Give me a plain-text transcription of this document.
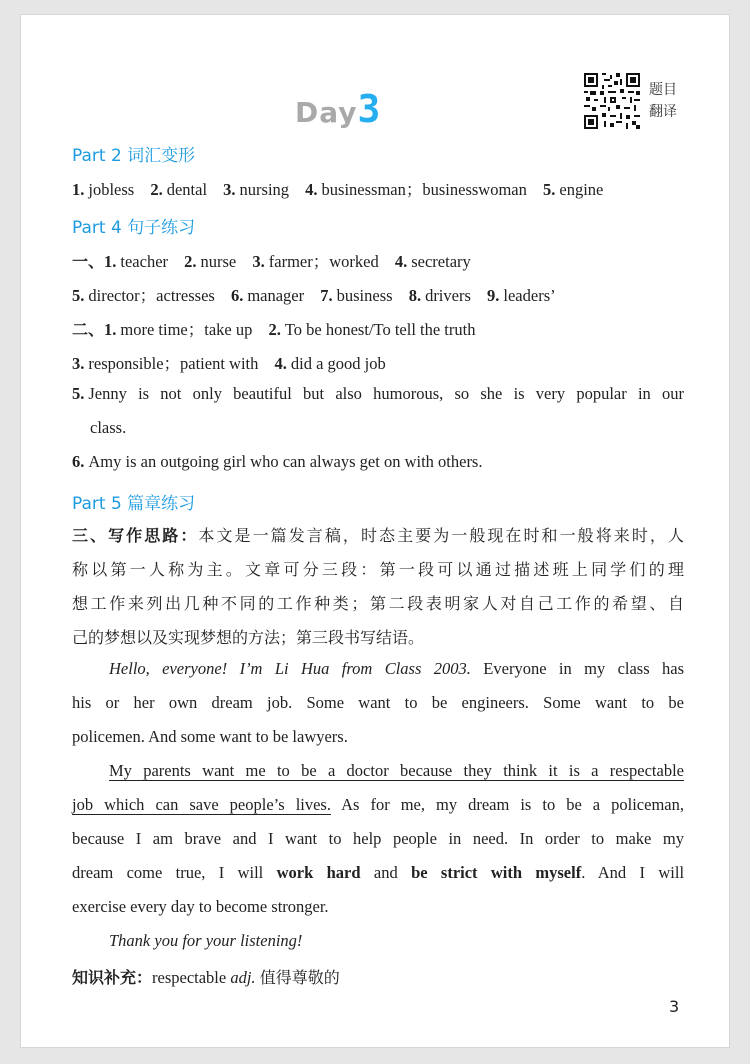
Day3	题目
翻译
Part 2 词汇变形
1. jobless 2. dental 3. nursing 4. businessman；businesswoman 5. engine
Part 4 句子练习
一、1. teacher 2. nurse 3. farmer；worked 4. secretary
5. director；actresses 6. manager 7. business 8. drivers 9. leaders’
二、1. more time；take up 2. To be honest/To tell the truth
3. responsible；patient with 4. did a good job
5. Jenny is not only beautiful but also humorous, so she is very popular in our
class.
6. Amy is an outgoing girl who can always get on with others.
Part 5 篇章练习
三、写作思路：本文是一篇发言稿，时态主要为一般现在时和一般将来时，人
称以第一人称为主。文章可分三段：第一段可以通过描述班上同学们的理
想工作来列出几种不同的工作种类；第二段表明家人对自己工作的希望、自
己的梦想以及实现梦想的方法；第三段书写结语。
Hello, everyone! I’m Li Hua from Class 2003. Everyone in my class has
his or her own dream job. Some want to be engineers. Some want to be
policemen. And some want to be lawyers.
My parents want me to be a doctor because they think it is a respectable
job which can save people’s lives. As for me, my dream is to be a policeman,
because I am brave and I want to help people in need. In order to make my
dream come true, I will work hard and be strict with myself. And I will
exercise every day to become stronger.
Thank you for your listening!
知识补充：respectable adj. 值得尊敬的
3
